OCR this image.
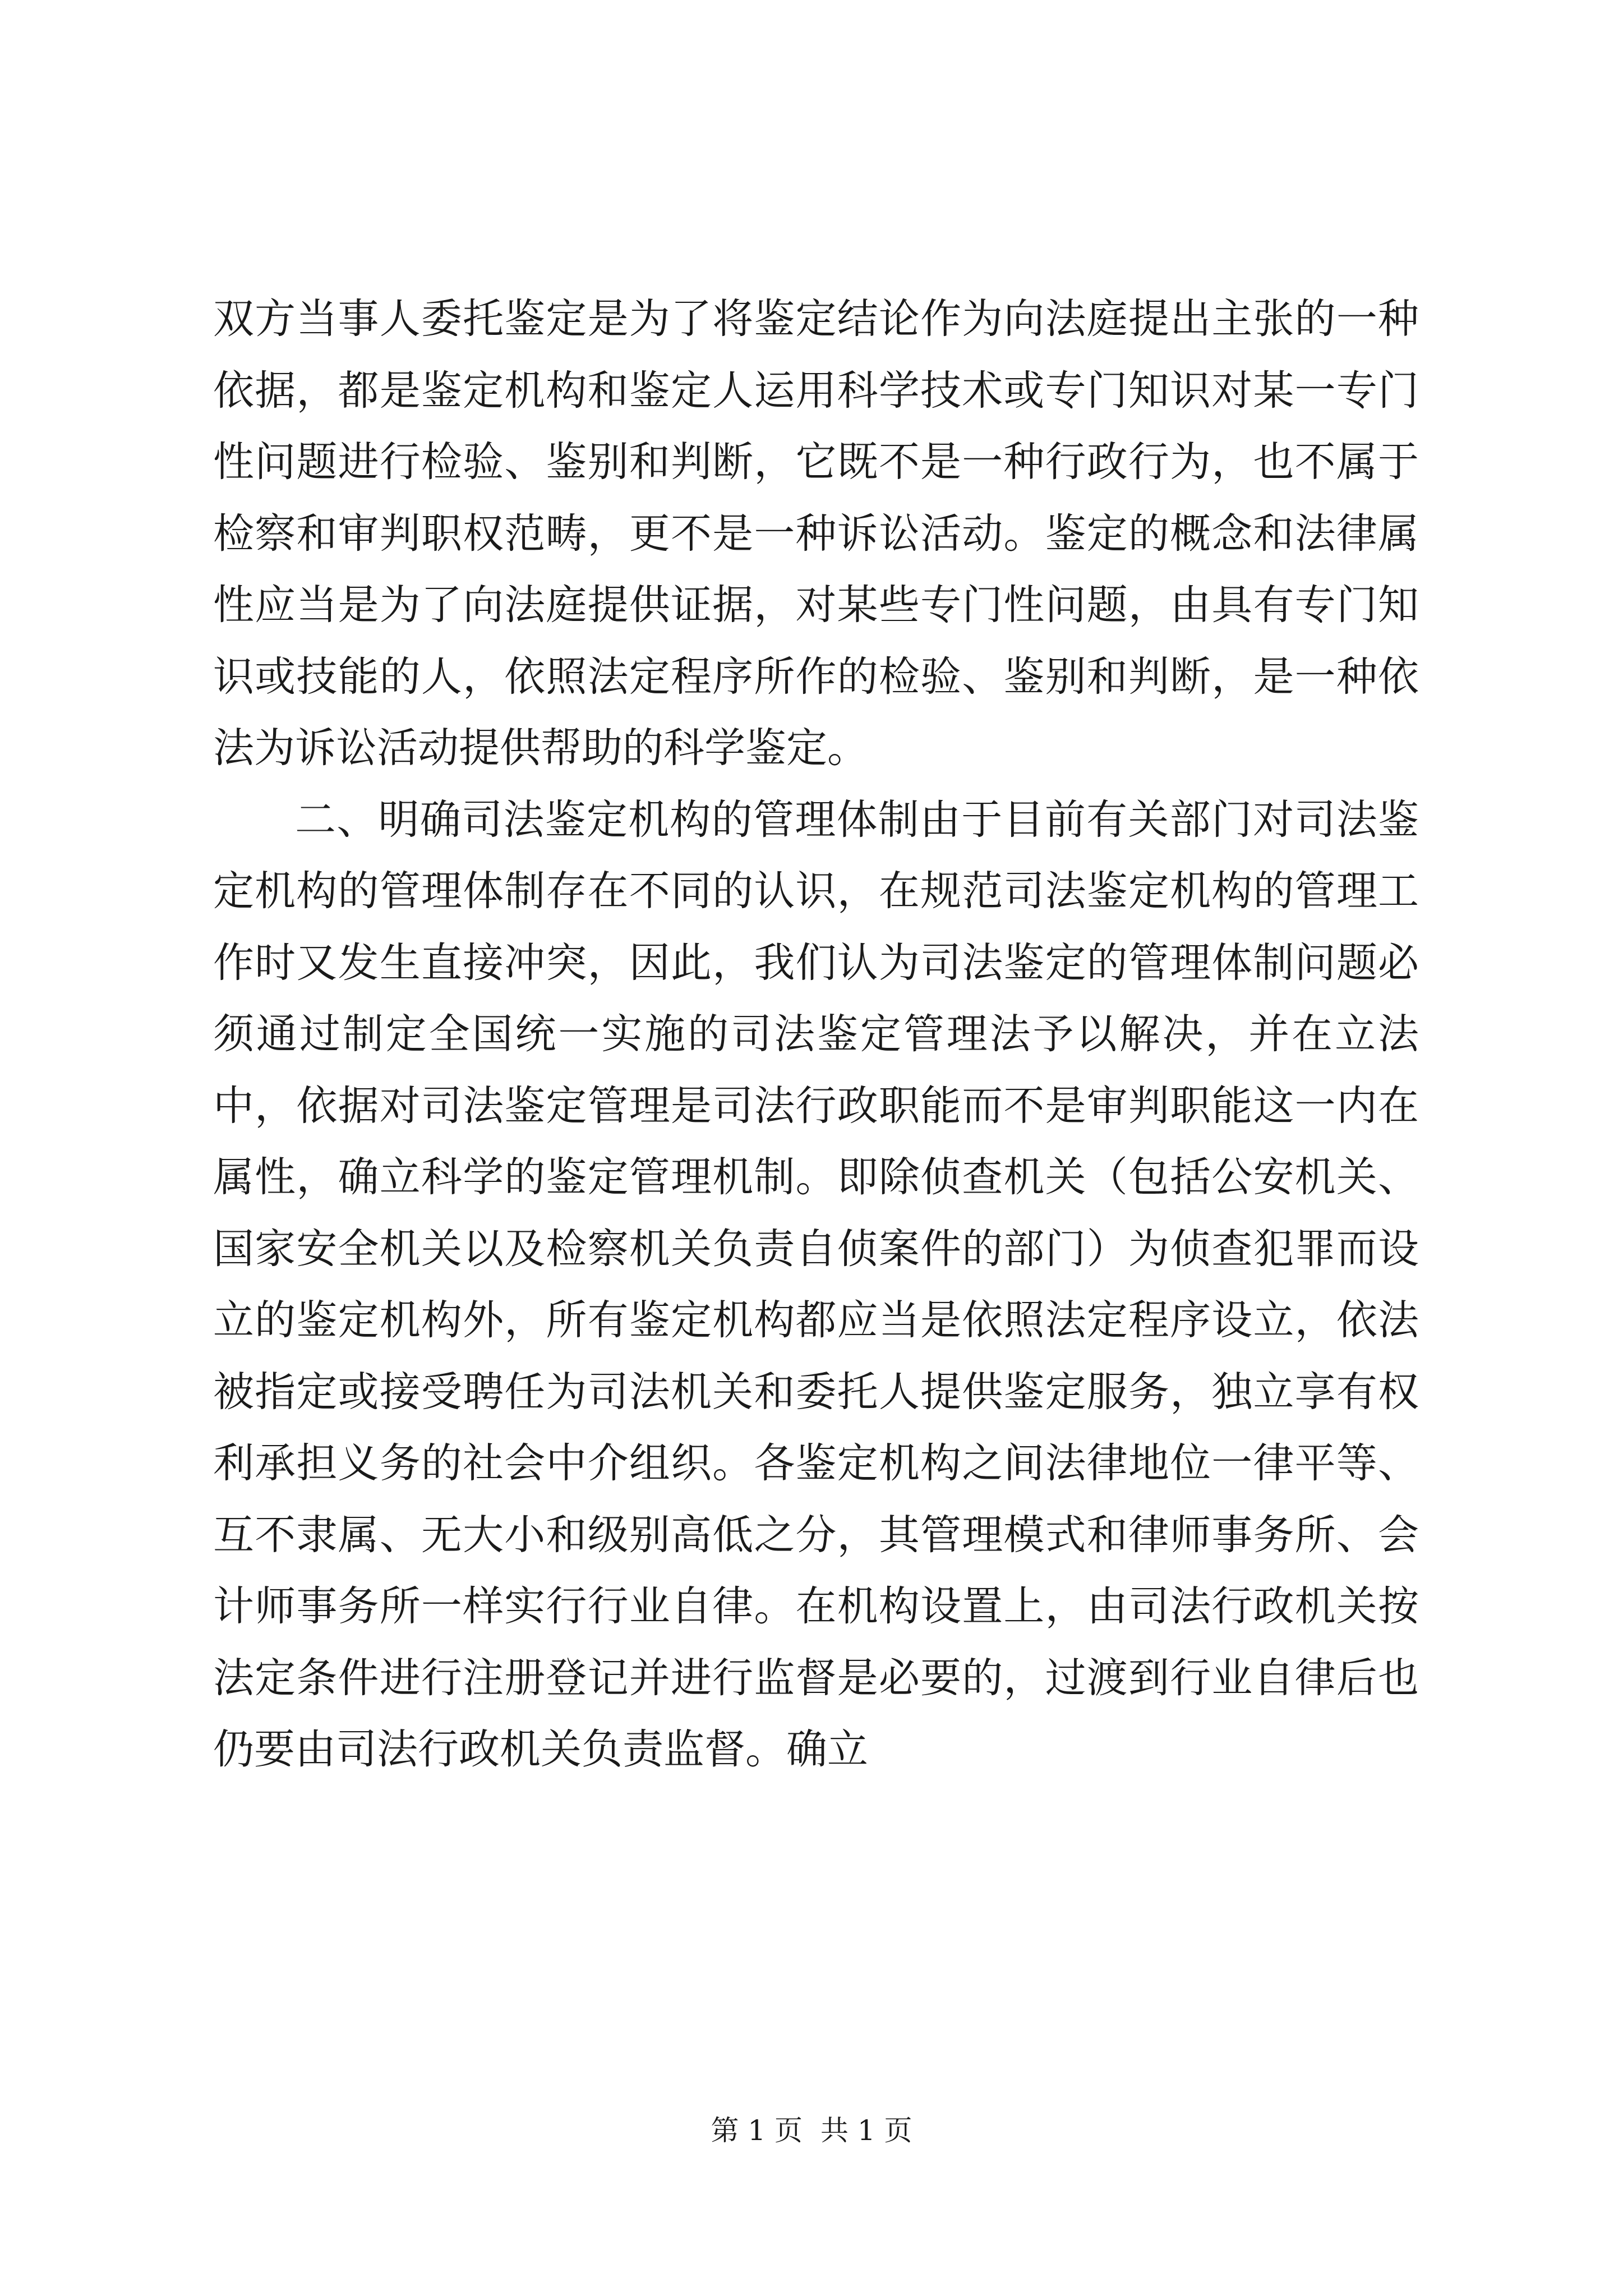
双方当事人委托鉴定是为了将鉴定结论作为向法庭提出主张的一种依据，都是鉴定机构和鉴定人运用科学技术或专门知识对某一专门性问题进行检验、鉴别和判断，它既不是一种行政行为，也不属于检察和审判职权范畴，更不是一种诉讼活动。鉴定的概念和法律属性应当是为了向法庭提供证据，对某些专门性问题，由具有专门知识或技能的人，依照法定程序所作的检验、鉴别和判断，是一种依法为诉讼活动提供帮助的科学鉴定。

二、明确司法鉴定机构的管理体制由于目前有关部门对司法鉴定机构的管理体制存在不同的认识，在规范司法鉴定机构的管理工作时又发生直接冲突，因此，我们认为司法鉴定的管理体制问题必须通过制定全国统一实施的司法鉴定管理法予以解决，并在立法中，依据对司法鉴定管理是司法行政职能而不是审判职能这一内在属性，确立科学的鉴定管理机制。即除侦查机关（包括公安机关、国家安全机关以及检察机关负责自侦案件的部门）为侦查犯罪而设立的鉴定机构外，所有鉴定机构都应当是依照法定程序设立，依法被指定或接受聘任为司法机关和委托人提供鉴定服务，独立享有权利承担义务的社会中介组织。各鉴定机构之间法律地位一律平等、互不隶属、无大小和级别高低之分，其管理模式和律师事务所、会计师事务所一样实行行业自律。在机构设置上，由司法行政机关按法定条件进行注册登记并进行监督是必要的，过渡到行业自律后也仍要由司法行政机关负责监督。确立

第 1 页 共 1 页
